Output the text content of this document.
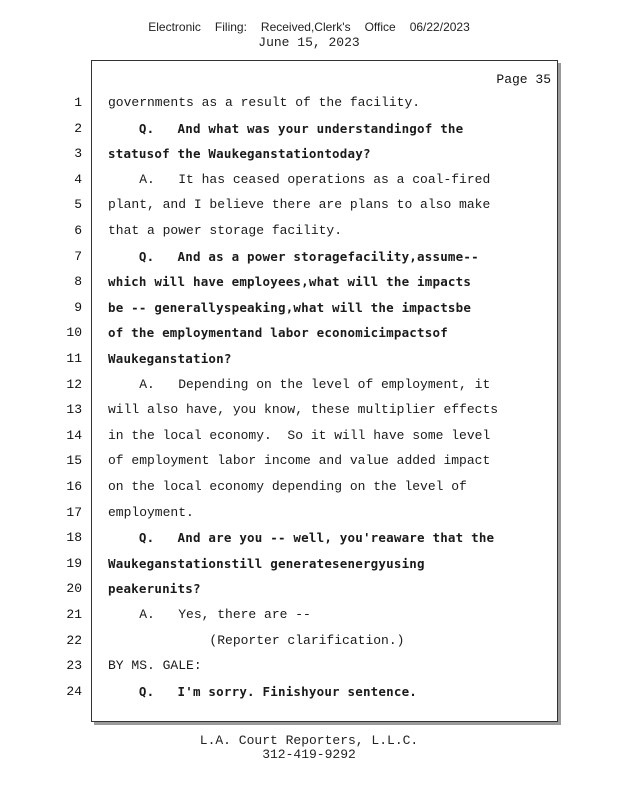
Electronic Filing: Received,Clerk's Office 06/22/2023
June 15, 2023
Page 35
1 governments as a result of the facility.
2 Q.   And what was your understandingof the
3 statusof the Waukeganstationtoday?
4 A.   It has ceased operations as a coal-fired
5 plant, and I believe there are plans to also make
6 that a power storage facility.
7 Q.   And as a power storagefacility,assume--
8 which will have employees,what will the impacts
9 be -- generallyspeaking,what will the impactsbe
10 of the employmentand labor economicimpactsof
11 Waukeganstation?
12 A.   Depending on the level of employment, it
13 will also have, you know, these multiplier effects
14 in the local economy.  So it will have some level
15 of employment labor income and value added impact
16 on the local economy depending on the level of
17 employment.
18 Q.   And are you -- well, you'reaware that the
19 Waukeganstationstill generatesenergyusing
20 peakerunits?
21 A.   Yes, there are --
22 (Reporter clarification.)
23 BY MS. GALE:
24 Q.   I'm sorry. Finishyour sentence.
L.A. Court Reporters, L.L.C.
312-419-9292
